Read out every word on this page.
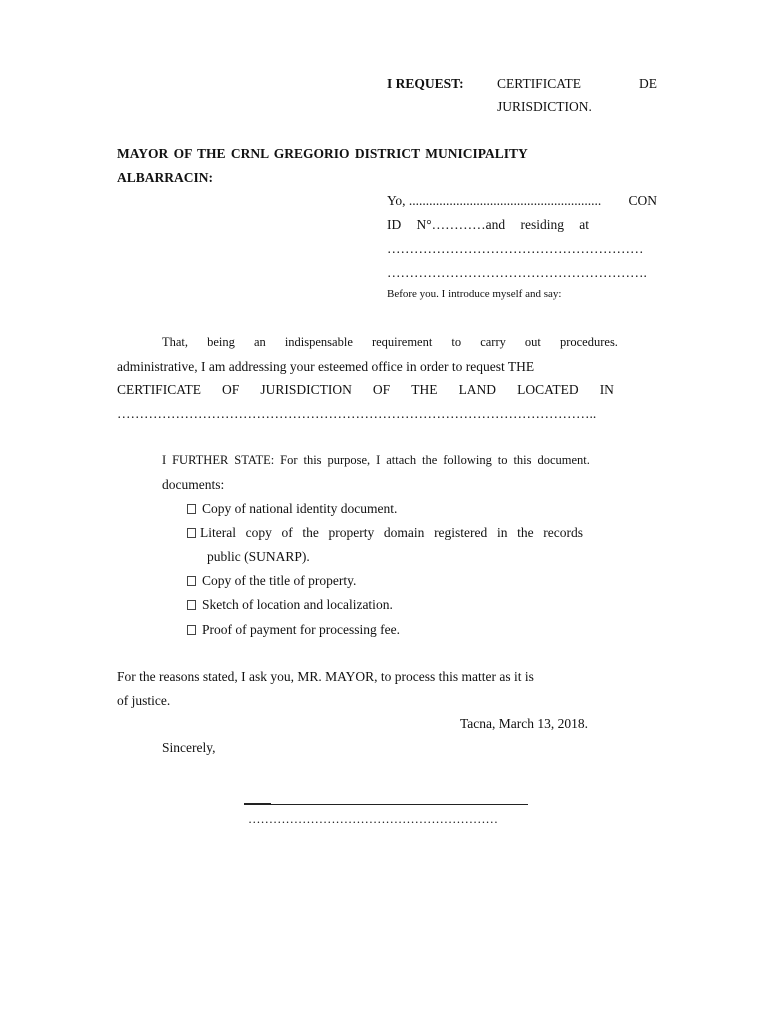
I REQUEST: CERTIFICATE	DE
JURISDICTION.
MAYOR OF THE CRNL GREGORIO DISTRICT MUNICIPALITY
ALBARRACIN:
Yo, ......................................................... CON
ID N°…………and residing at
…………………………………………………
………………………………………………….
Before you. I introduce myself and say:
That, being an indispensable requirement to carry out procedures.
administrative, I am addressing your esteemed office in order to request THE
CERTIFICATE OF JURISDICTION OF THE LAND LOCATED IN
……………………………………………………………………………………………..
I FURTHER STATE: For this purpose, I attach the following to this document.
documents:
Copy of national identity document.
Literal copy of the property domain registered in the records
public (SUNARP).
Copy of the title of property.
Sketch of location and localization.
Proof of payment for processing fee.
For the reasons stated, I ask you, MR. MAYOR, to process this matter as it is
of justice.
Tacna, March 13, 2018.
Sincerely,
……………………………………………………
